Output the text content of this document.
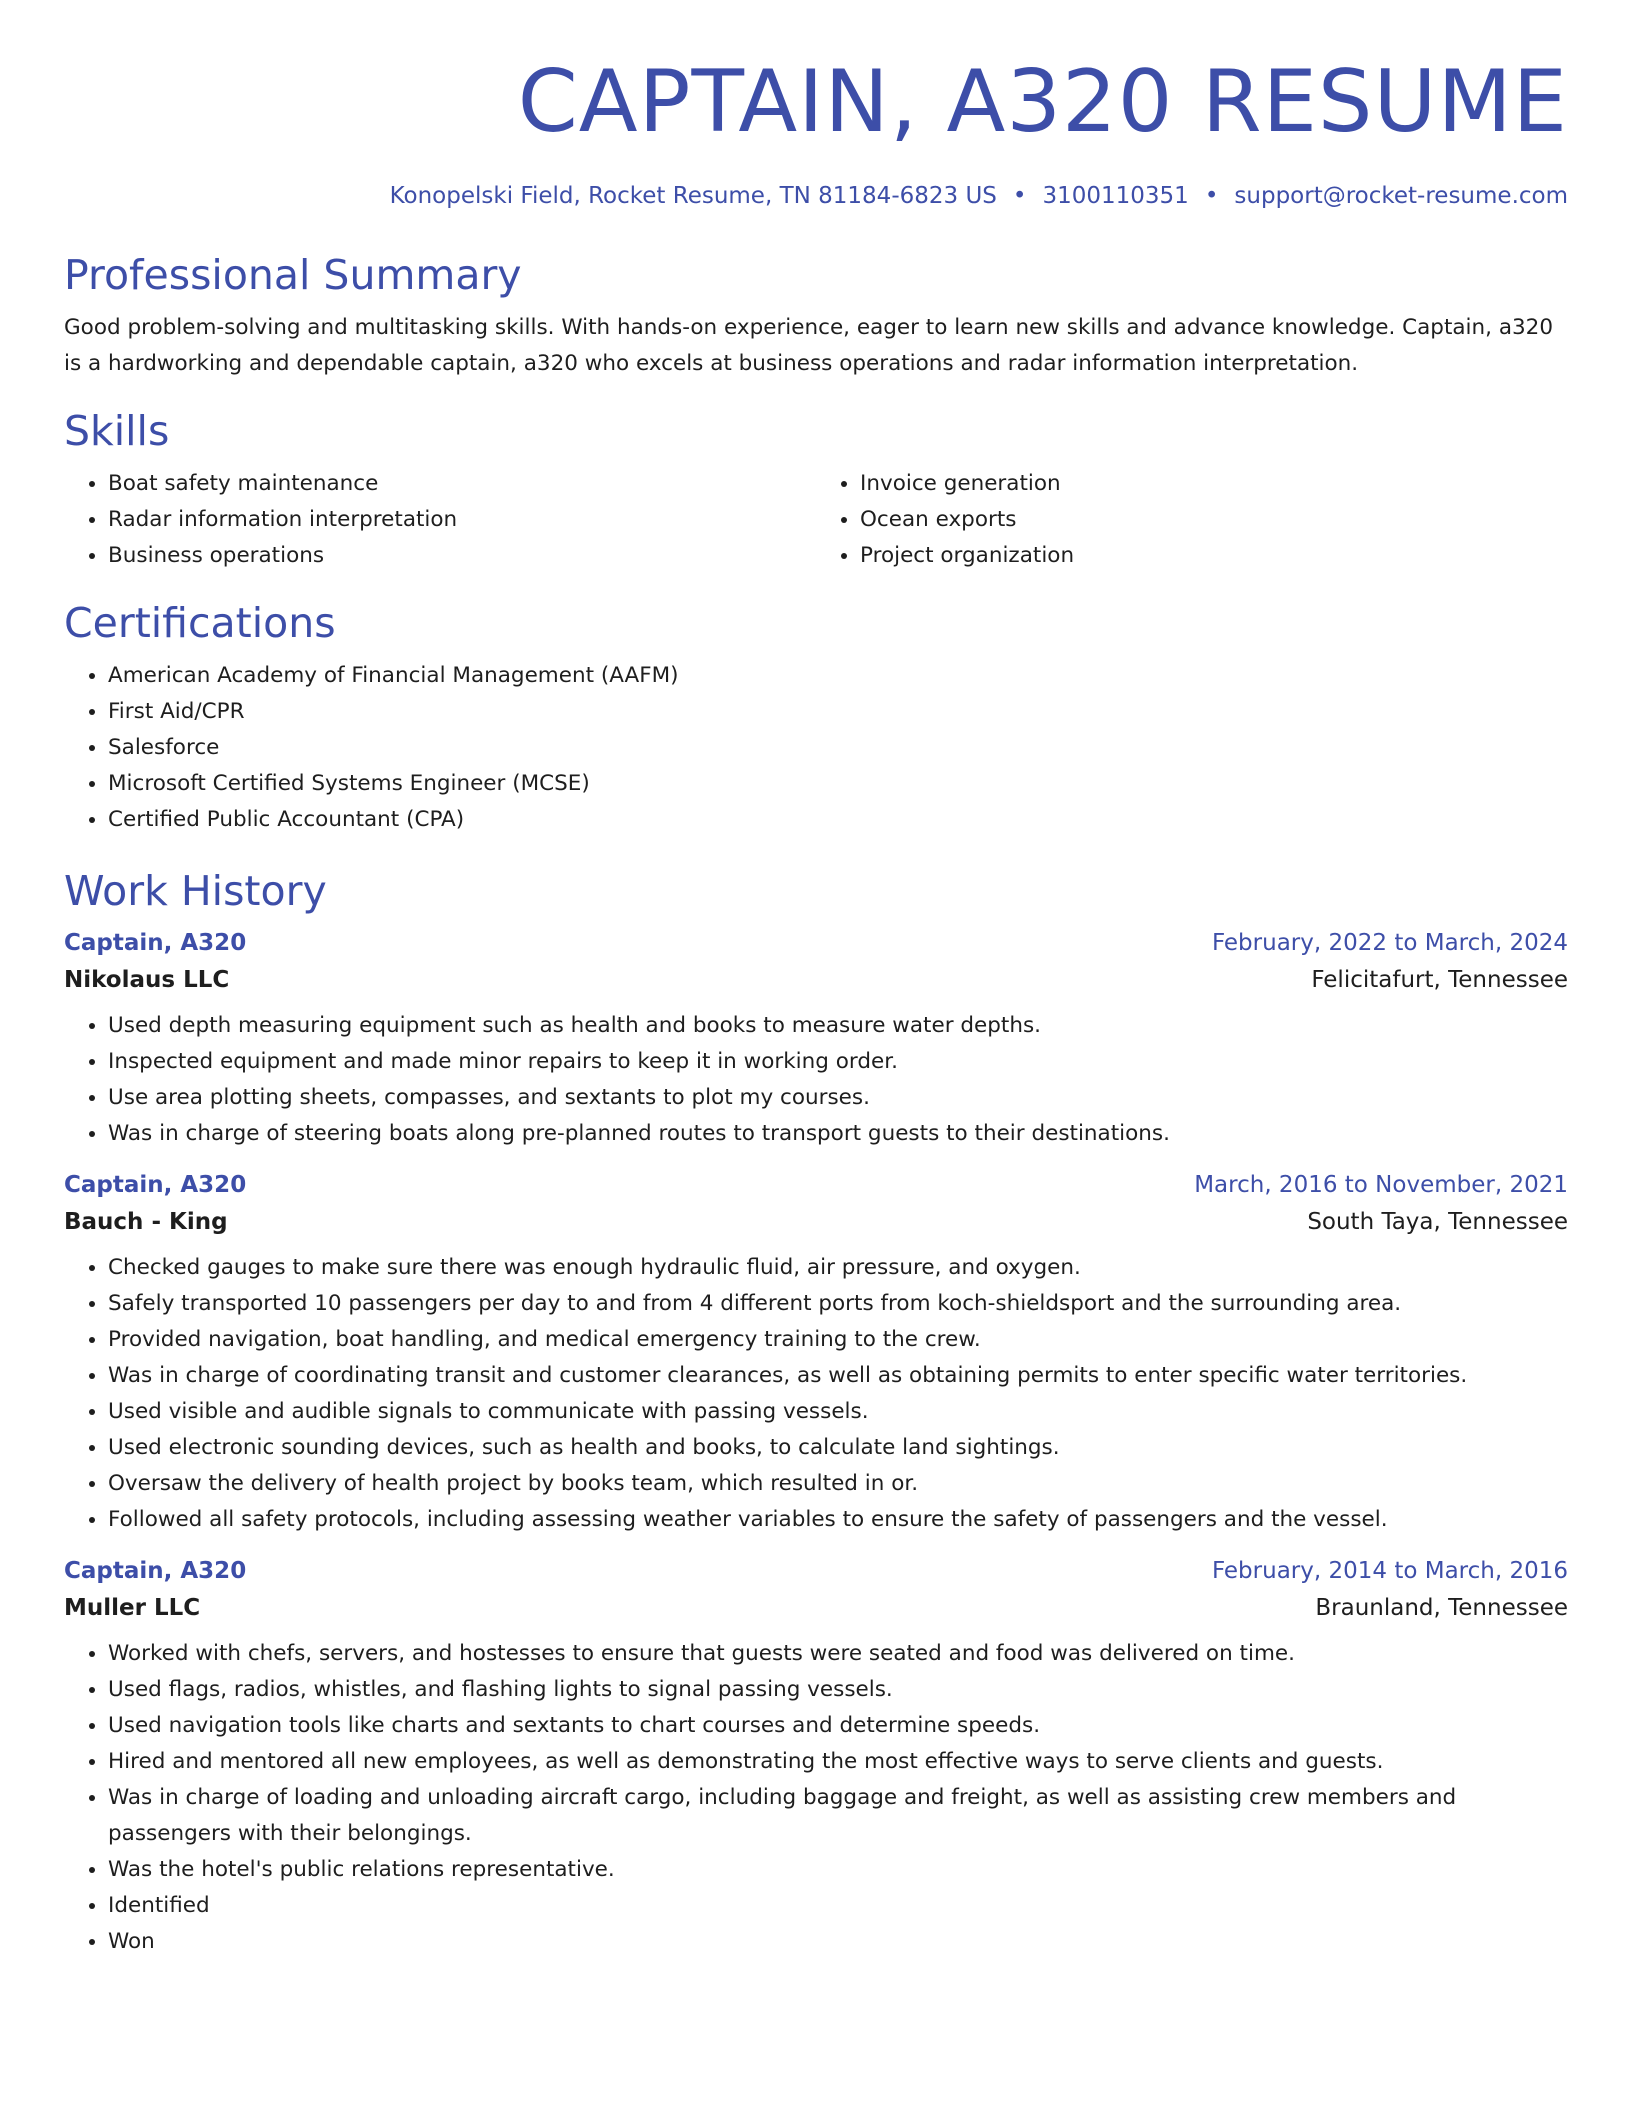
CAPTAIN, A320 RESUME
Konopelski Field, Rocket Resume, TN 81184-6823 US • 3100110351 • support@rocket-resume.com
Professional Summary

Good problem-solving and multitasking skills. With hands-on experience, eager to learn new skills and advance knowledge. Captain, a320 is a hardworking and dependable captain, a320 who excels at business operations and radar information interpretation.

Skills
• Boat safety maintenance
• Radar information interpretation
• Business operations
• Invoice generation
• Ocean exports
• Project organization
Certifications
• American Academy of Financial Management (AAFM)
• First Aid/CPR
• Salesforce
• Microsoft Certified Systems Engineer (MCSE)
• Certified Public Accountant (CPA)
Work History
Captain, A320	February, 2022 to March, 2024
Nikolaus LLC	Felicitafurt, Tennessee
• Used depth measuring equipment such as health and books to measure water depths.
• Inspected equipment and made minor repairs to keep it in working order.
• Use area plotting sheets, compasses, and sextants to plot my courses.
• Was in charge of steering boats along pre-planned routes to transport guests to their destinations.
Captain, A320	March, 2016 to November, 2021
Bauch - King	South Taya, Tennessee
• Checked gauges to make sure there was enough hydraulic fluid, air pressure, and oxygen.
• Safely transported 10 passengers per day to and from 4 different ports from koch-shieldsport and the surrounding area.
• Provided navigation, boat handling, and medical emergency training to the crew.
• Was in charge of coordinating transit and customer clearances, as well as obtaining permits to enter specific water territories.
• Used visible and audible signals to communicate with passing vessels.
• Used electronic sounding devices, such as health and books, to calculate land sightings.
• Oversaw the delivery of health project by books team, which resulted in or.
• Followed all safety protocols, including assessing weather variables to ensure the safety of passengers and the vessel.
Captain, A320	February, 2014 to March, 2016
Muller LLC	Braunland, Tennessee
• Worked with chefs, servers, and hostesses to ensure that guests were seated and food was delivered on time.
• Used flags, radios, whistles, and flashing lights to signal passing vessels.
• Used navigation tools like charts and sextants to chart courses and determine speeds.
• Hired and mentored all new employees, as well as demonstrating the most effective ways to serve clients and guests.
• Was in charge of loading and unloading aircraft cargo, including baggage and freight, as well as assisting crew members and passengers with their belongings.
• Was the hotel's public relations representative.
• Identified
• Won
